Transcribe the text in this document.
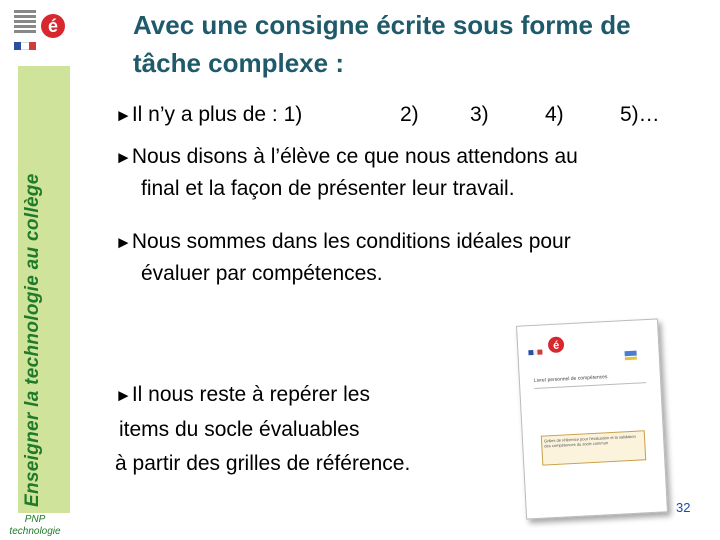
é
Enseigner la technologie au collège
PNP
technologie
Avec une consigne écrite sous forme de tâche complexe :
►Il n’y a plus de : 1)	2) 3)	4)	5)…
►Nous disons à l’élève ce que nous attendons au
final et la façon de présenter leur travail.
►Nous sommes dans les conditions idéales pour
évaluer par compétences.
►Il nous reste à repérer les
items du socle évaluables
à partir des grilles de référence.
é
Livret personnel de compétences
Grilles de référence pour l’évaluation et la validation des compétences du socle commun
32
